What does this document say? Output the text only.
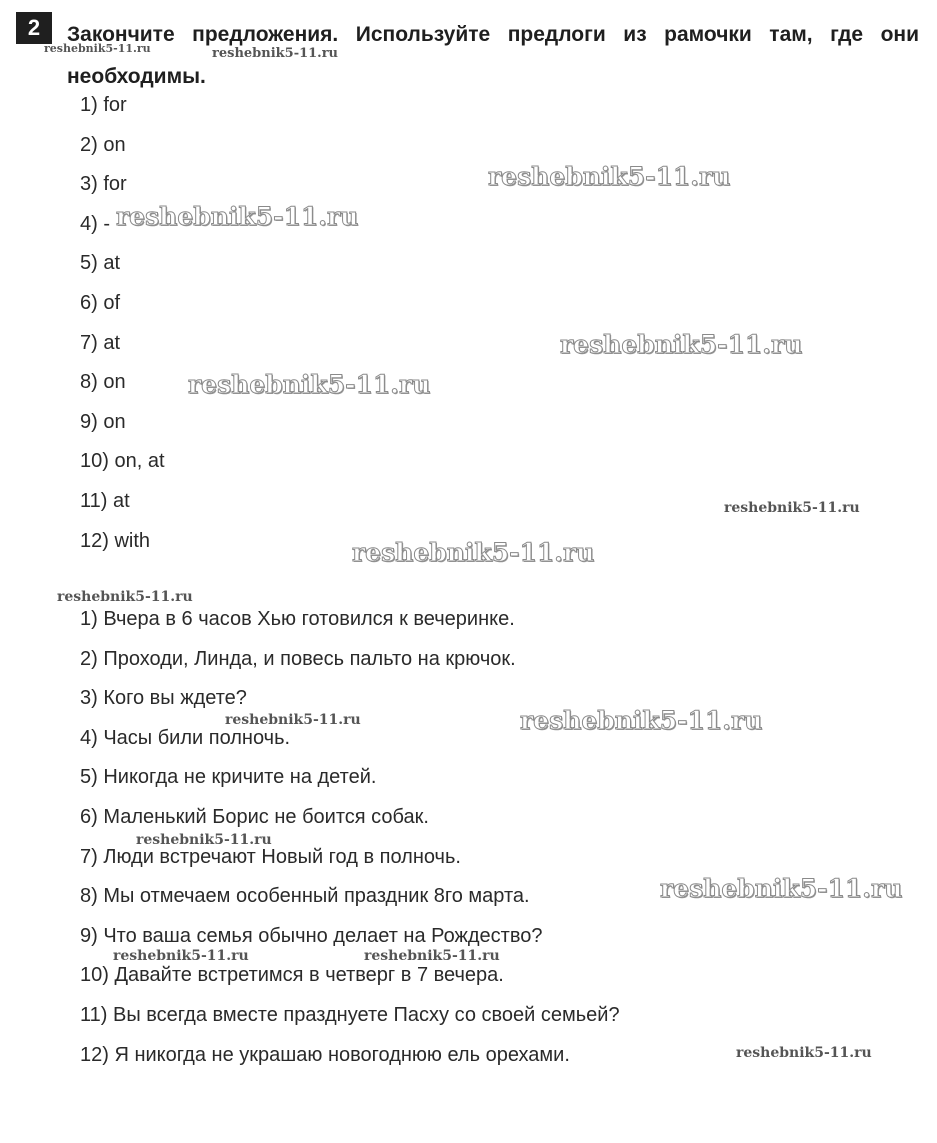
2	Закончите предложения. Используйте предлоги из рамочки там, где они необходимы.
1) for
2) on
3) for
4) -
5) at
6) of
7) at
8) on
9) on
10) on, at
11) at
12) with
1) Вчера в 6 часов Хью готовился к вечеринке.
2) Проходи, Линда, и повесь пальто на крючок.
3) Кого вы ждете?
4) Часы били полночь.
5) Никогда не кричите на детей.
6) Маленький Борис не боится собак.
7) Люди встречают Новый год в полночь.
8) Мы отмечаем особенный праздник 8го марта.
9) Что ваша семья обычно делает на Рождество?
10) Давайте встретимся в четверг в 7 вечера.
11) Вы всегда вместе празднуете Пасху со своей семьей?
12) Я никогда не украшаю новогоднюю ель орехами.
reshebnik5-11.ru	reshebnik5-11.ru
reshebnik5-11.ru
reshebnik5-11.ru
reshebnik5-11.ru
reshebnik5-11.ru
reshebnik5-11.ru
reshebnik5-11.ru
reshebnik5-11.ru
reshebnik5-11.ru	reshebnik5-11.ru
reshebnik5-11.ru
reshebnik5-11.ru
reshebnik5-11.ru	reshebnik5-11.ru
reshebnik5-11.ru
